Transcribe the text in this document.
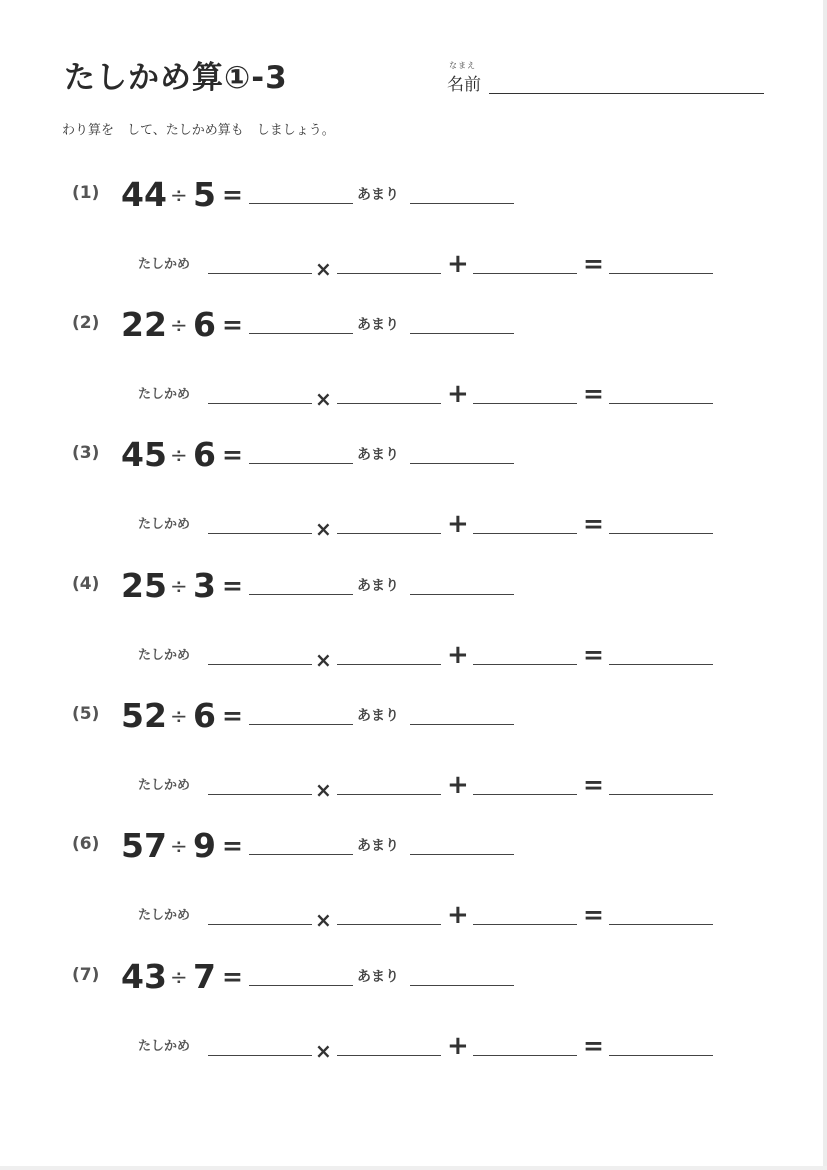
たしかめ算①-3	なまえ
名前
わり算を　して、たしかめ算も　しましょう。
(1) 44 ÷ 5 =	あまり
たしかめ	×	+	=
(2) 22 ÷ 6 =	あまり
たしかめ	×	+	=
(3) 45 ÷ 6 =	あまり
たしかめ	×	+	=
(4) 25 ÷ 3 =	あまり
たしかめ	×	+	=
(5) 52 ÷ 6 =	あまり
たしかめ	×	+	=
(6) 57 ÷ 9 =	あまり
たしかめ	×	+	=
(7) 43 ÷ 7 =	あまり
たしかめ	×	+	=
